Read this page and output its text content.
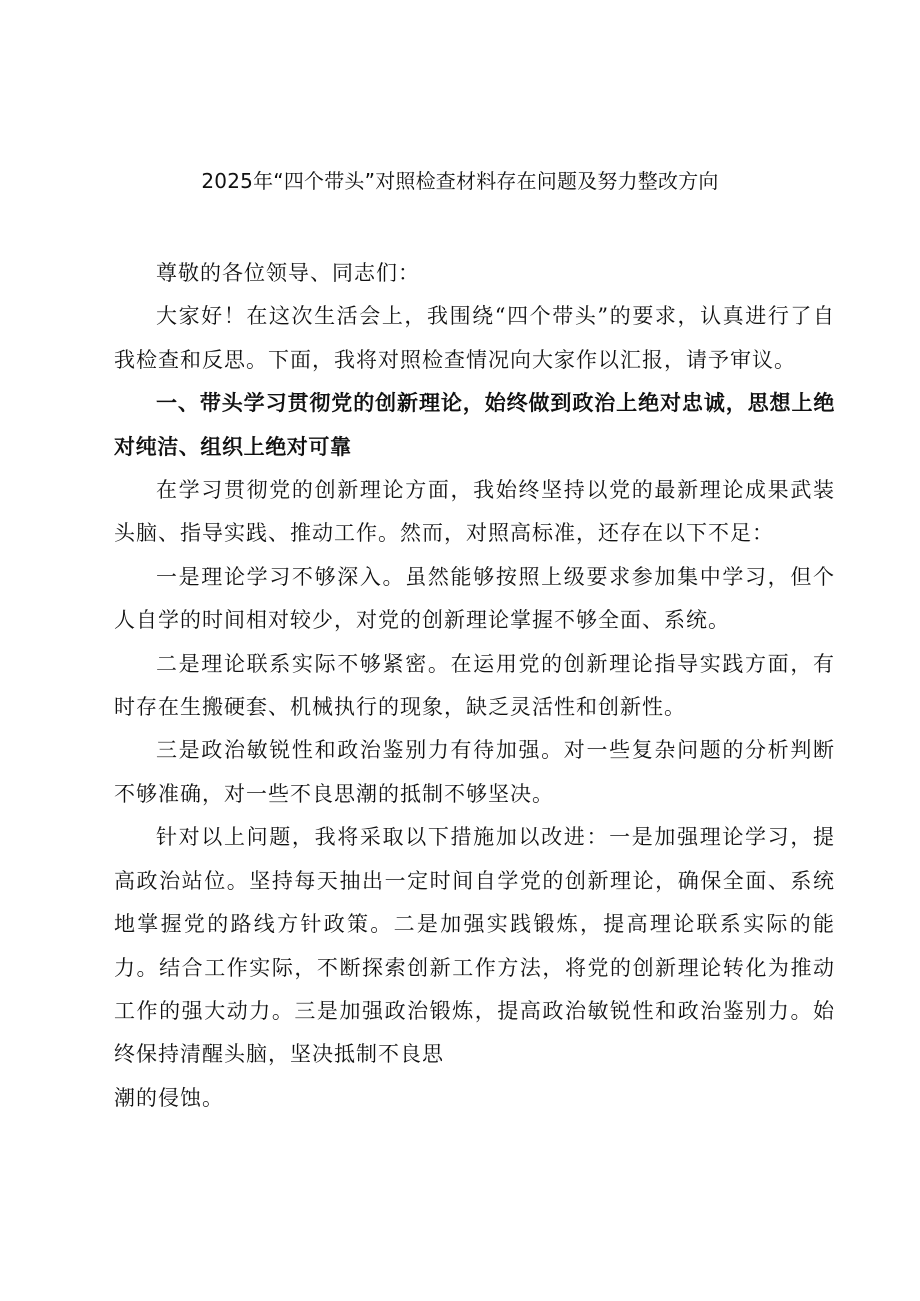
2025年“四个带头”对照检查材料存在问题及努力整改方向

尊敬的各位领导、同志们：

大家好！在这次生活会上，我围绕“四个带头”的要求，认真进行了自我检查和反思。下面，我将对照检查情况向大家作以汇报，请予审议。

一、带头学习贯彻党的创新理论，始终做到政治上绝对忠诚，思想上绝对纯洁、组织上绝对可靠

在学习贯彻党的创新理论方面，我始终坚持以党的最新理论成果武装头脑、指导实践、推动工作。然而，对照高标准，还存在以下不足：

一是理论学习不够深入。虽然能够按照上级要求参加集中学习，但个人自学的时间相对较少，对党的创新理论掌握不够全面、系统。

二是理论联系实际不够紧密。在运用党的创新理论指导实践方面，有时存在生搬硬套、机械执行的现象，缺乏灵活性和创新性。

三是政治敏锐性和政治鉴别力有待加强。对一些复杂问题的分析判断不够准确，对一些不良思潮的抵制不够坚决。

针对以上问题，我将采取以下措施加以改进：一是加强理论学习，提高政治站位。坚持每天抽出一定时间自学党的创新理论，确保全面、系统地掌握党的路线方针政策。二是加强实践锻炼，提高理论联系实际的能力。结合工作实际，不断探索创新工作方法，将党的创新理论转化为推动工作的强大动力。三是加强政治锻炼，提高政治敏锐性和政治鉴别力。始终保持清醒头脑，坚决抵制不良思

潮的侵蚀。
